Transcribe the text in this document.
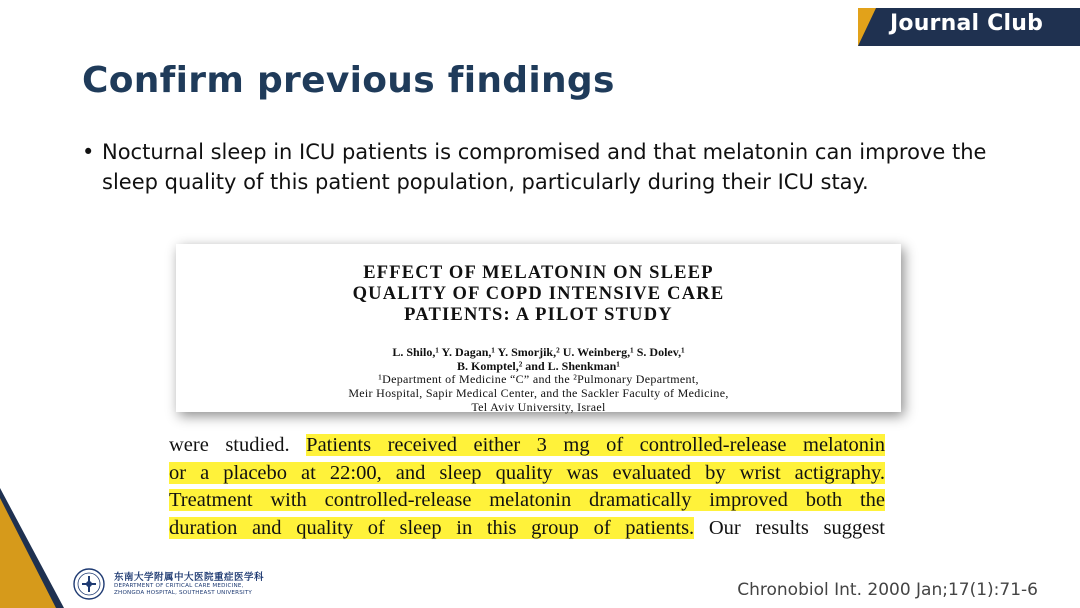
Journal Club
Confirm previous findings
• Nocturnal sleep in ICU patients is compromised and that melatonin can improve the sleep quality of this patient population, particularly during their ICU stay.
EFFECT OF MELATONIN ON SLEEP
QUALITY OF COPD INTENSIVE CARE
PATIENTS: A PILOT STUDY
L. Shilo,¹ Y. Dagan,¹ Y. Smorjik,² U. Weinberg,¹ S. Dolev,¹
B. Komptel,² and L. Shenkman¹
¹Department of Medicine “C” and the ²Pulmonary Department,
Meir Hospital, Sapir Medical Center, and the Sackler Faculty of Medicine,
Tel Aviv University, Israel
were studied. Patients received either 3 mg of controlled-release melatonin
or a placebo at 22:00, and sleep quality was evaluated by wrist actigraphy.
Treatment with controlled-release melatonin dramatically improved both the
duration and quality of sleep in this group of patients. Our results suggest
东南大学附属中大医院重症医学科
DEPARTMENT OF CRITICAL CARE MEDICINE,
ZHONGDA HOSPITAL, SOUTHEAST UNIVERSITY	Chronobiol Int. 2000 Jan;17(1):71-6
